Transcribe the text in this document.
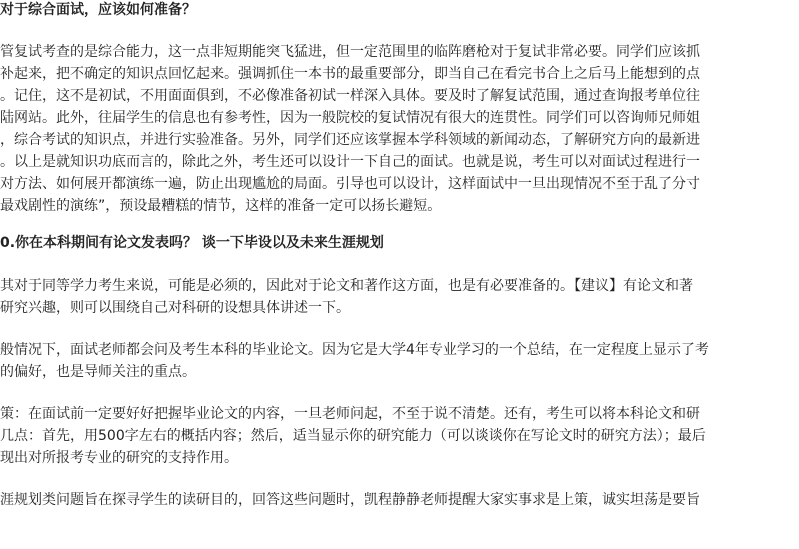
对于综合面试，应该如何准备？
管复试考查的是综合能力，这一点非短期能突飞猛进，但一定范围里的临阵磨枪对于复试非常必要。同学们应该抓
补起来，把不确定的知识点回忆起来。强调抓住一本书的最重要部分，即当自己在看完书合上之后马上能想到的点
。记住，这不是初试，不用面面俱到，不必像准备初试一样深入具体。要及时了解复试范围，通过查询报考单位往
陆网站。此外，往届学生的信息也有参考性，因为一般院校的复试情况有很大的连贯性。同学们可以咨询师兄师姐
，综合考试的知识点，并进行实验准备。另外，同学们还应该掌握本学科领域的新闻动态，了解研究方向的最新进
。以上是就知识功底而言的，除此之外，考生还可以设计一下自己的面试。也就是说，考生可以对面试过程进行一
对方法、如何展开都演练一遍，防止出现尴尬的局面。引导也可以设计，这样面试中一旦出现情况不至于乱了分寸
最戏剧性的演练”，预设最糟糕的情节，这样的准备一定可以扬长避短。
0.你在本科期间有论文发表吗？ 谈一下毕设以及未来生涯规划
其对于同等学力考生来说，可能是必须的，因此对于论文和著作这方面，也是有必要准备的。【建议】有论文和著
研究兴趣，则可以围绕自己对科研的设想具体讲述一下。
般情况下，面试老师都会问及考生本科的毕业论文。因为它是大学4年专业学习的一个总结，在一定程度上显示了考
的偏好，也是导师关注的重点。
策：在面试前一定要好好把握毕业论文的内容，一旦老师问起，不至于说不清楚。还有，考生可以将本科论文和研
几点：首先，用500字左右的概括内容；然后，适当显示你的研究能力（可以谈谈你在写论文时的研究方法）；最后
现出对所报考专业的研究的支持作用。
涯规划类问题旨在探寻学生的读研目的，回答这些问题时，凯程静静老师提醒大家实事求是上策，诚实坦荡是要旨
